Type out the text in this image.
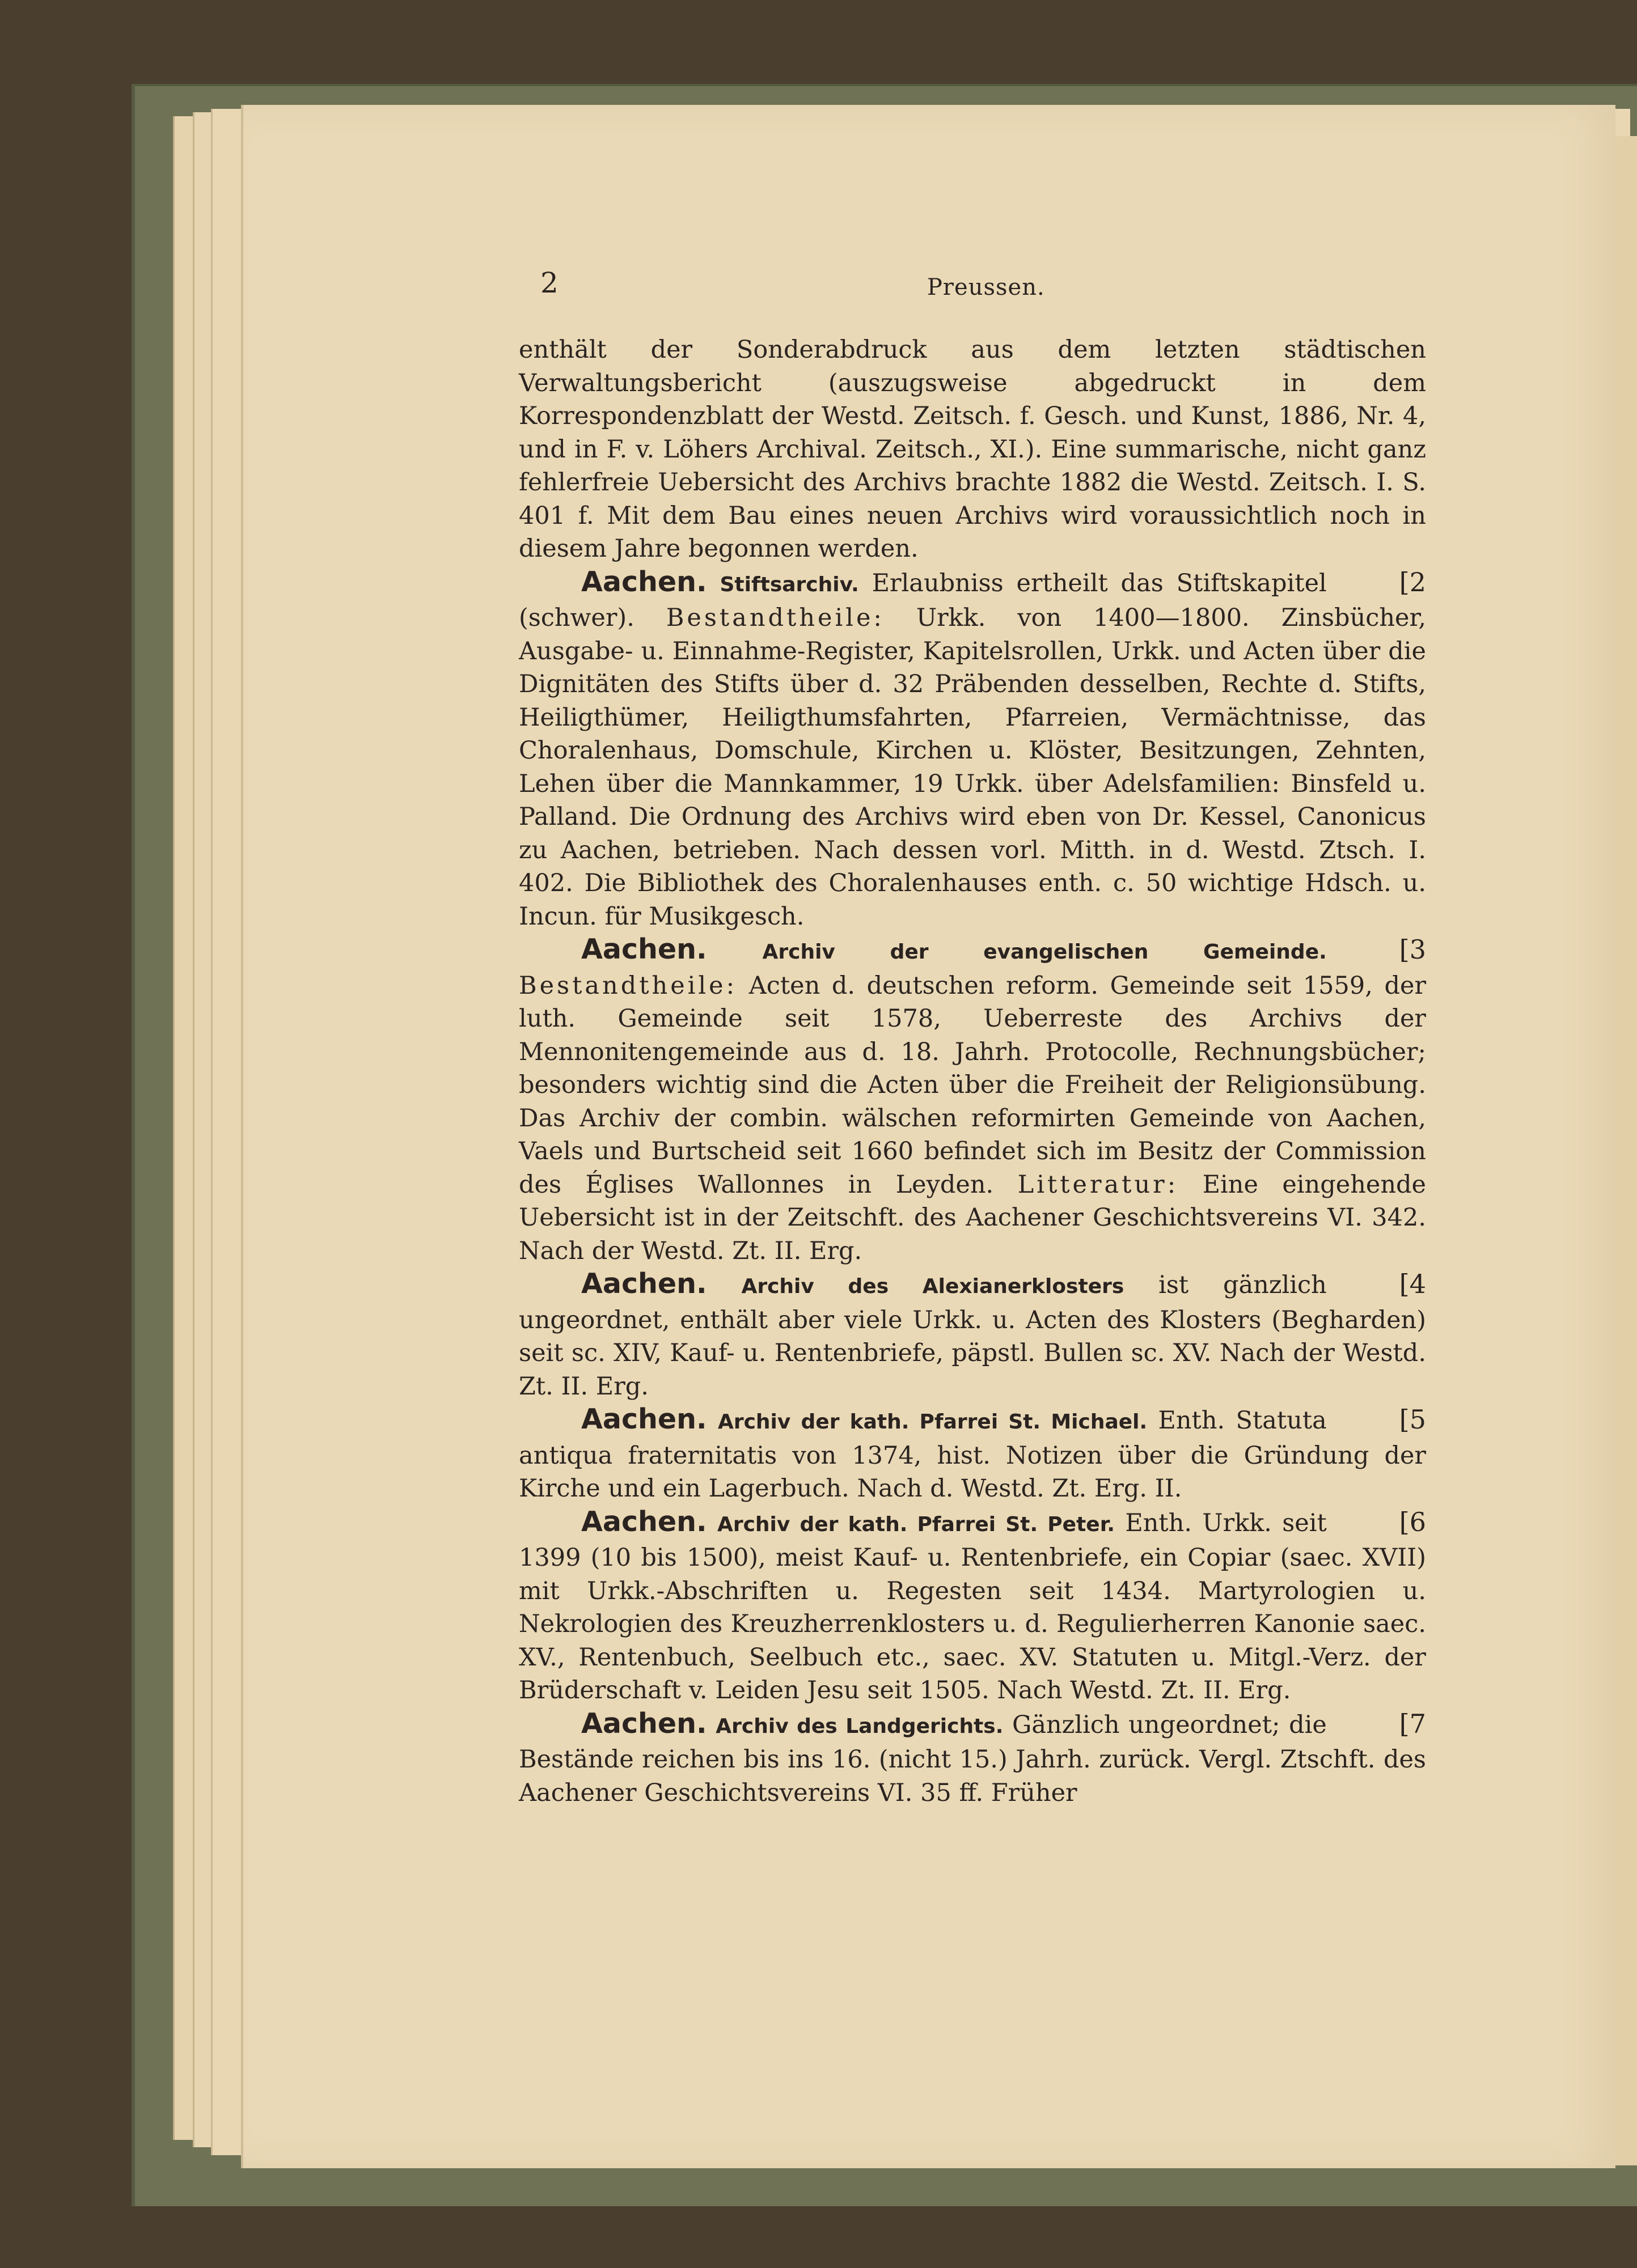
2	Preussen.

enthält der Sonderabdruck aus dem letzten städtischen Verwaltungsbericht (auszugsweise abgedruckt in dem Korrespondenzblatt der Westd. Zeitsch. f. Gesch. und Kunst, 1886, Nr. 4, und in F. v. Löhers Archival. Zeitsch., XI.). Eine summarische, nicht ganz fehlerfreie Uebersicht des Archivs brachte 1882 die Westd. Zeitsch. I. S. 401 f. Mit dem Bau eines neuen Archivs wird voraussichtlich noch in diesem Jahre begonnen werden.

[2
Aachen. Stiftsarchiv. Erlaubniss ertheilt das Stiftskapitel (schwer). Bestandtheile: Urkk. von 1400—1800. Zinsbücher, Ausgabe- u. Einnahme-Register, Kapitelsrollen, Urkk. und Acten über die Dignitäten des Stifts über d. 32 Präbenden desselben, Rechte d. Stifts, Heiligthümer, Heiligthumsfahrten, Pfarreien, Vermächtnisse, das Choralenhaus, Domschule, Kirchen u. Klöster, Besitzungen, Zehnten, Lehen über die Mannkammer, 19 Urkk. über Adelsfamilien: Binsfeld u. Palland. Die Ordnung des Archivs wird eben von Dr. Kessel, Canonicus zu Aachen, betrieben. Nach dessen vorl. Mitth. in d. Westd. Ztsch. I. 402. Die Bibliothek des Choralenhauses enth. c. 50 wichtige Hdsch. u. Incun. für Musikgesch.

[3
Aachen.	Archiv der evangelischen Gemeinde. Bestandtheile: Acten d. deutschen reform. Gemeinde seit 1559, der luth. Gemeinde seit 1578, Ueberreste des Archivs der Mennonitengemeinde aus d. 18. Jahrh. Protocolle, Rechnungsbücher; besonders wichtig sind die Acten über die Freiheit der Religionsübung. Das Archiv der combin. wälschen reformirten Gemeinde von Aachen, Vaels und Burtscheid seit 1660 befindet sich im Besitz der Commission des Églises Wallonnes in Leyden. Litteratur: Eine eingehende Uebersicht ist in der Zeitschft. des Aachener Geschichtsvereins VI. 342. Nach der Westd. Zt. II. Erg.

[4
Aachen. Archiv des Alexianerklosters ist gänzlich ungeordnet, enthält aber viele Urkk. u. Acten des Klosters (Begharden) seit sc. XIV, Kauf- u. Rentenbriefe, päpstl. Bullen sc. XV. Nach der Westd. Zt. II. Erg.

[5
Aachen. Archiv der kath. Pfarrei St. Michael. Enth. Statuta antiqua fraternitatis von 1374, hist. Notizen über die Gründung der Kirche und ein Lagerbuch. Nach d. Westd. Zt. Erg. II.

[6
Aachen. Archiv der kath. Pfarrei St. Peter. Enth. Urkk. seit 1399 (10 bis 1500), meist Kauf- u. Rentenbriefe, ein Copiar (saec. XVII) mit Urkk.-Abschriften u. Regesten seit 1434. Martyrologien u. Nekrologien des Kreuzherrenklosters u. d. Regulierherren Kanonie saec. XV., Rentenbuch, Seelbuch etc., saec. XV. Statuten u. Mitgl.-Verz. der Brüderschaft v. Leiden Jesu seit 1505. Nach Westd. Zt. II. Erg.

[7
Aachen. Archiv des Landgerichts. Gänzlich ungeordnet; die Bestände reichen bis ins 16. (nicht 15.) Jahrh. zurück. Vergl. Ztschft. des Aachener Geschichtsvereins VI. 35 ff. Früher
